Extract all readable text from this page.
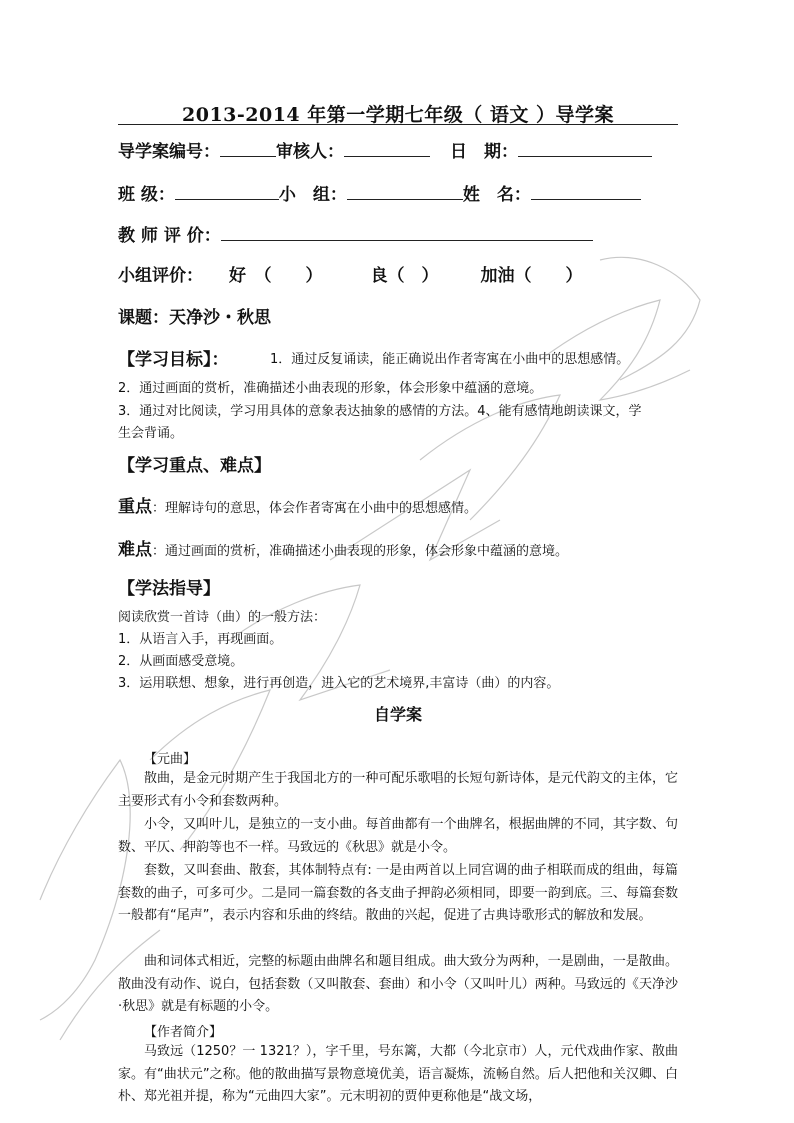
2013-2014 年第一学期七年级（ 语文 ）导学案
导学案编号：	审核人：	日　期：
班 级：	小　组：	姓　名：
教 师 评 价：
小组评价： 好　（　　）	良（　） 加油（　　）
课题：天净沙・秋思
【学习目标】：	1．通过反复诵读，能正确说出作者寄寓在小曲中的思想感情。
2．通过画面的赏析，准确描述小曲表现的形象，体会形象中蕴涵的意境。
3．通过对比阅读，学习用具体的意象表达抽象的感情的方法。4、能有感情地朗读课文，学
生会背诵。
【学习重点、难点】
重点：理解诗句的意思，体会作者寄寓在小曲中的思想感情。
难点：通过画面的赏析，准确描述小曲表现的形象，体会形象中蕴涵的意境。
【学法指导】
阅读欣赏一首诗（曲）的一般方法：
1．从语言入手，再现画面。
2．从画面感受意境。
3．运用联想、想象，进行再创造，进入它的艺术境界,丰富诗（曲）的内容。
自学案
【元曲】

散曲，是金元时期产生于我国北方的一种可配乐歌唱的长短句新诗体，是元代韵文的主体，它主要形式有小令和套数两种。

小令，又叫叶儿，是独立的一支小曲。每首曲都有一个曲牌名，根据曲牌的不同，其字数、句数、平仄、押韵等也不一样。马致远的《秋思》就是小令。

套数，又叫套曲、散套，其体制特点有: 一是由两首以上同宫调的曲子相联而成的组曲，每篇套数的曲子，可多可少。二是同一篇套数的各支曲子押韵必须相同，即要一韵到底。三、每篇套数一般都有“尾声”，表示内容和乐曲的终结。散曲的兴起，促进了古典诗歌形式的解放和发展。

曲和词体式相近，完整的标题由曲牌名和题目组成。曲大致分为两种，一是剧曲，一是散曲。散曲没有动作、说白，包括套数（又叫散套、套曲）和小令（又叫叶儿）两种。马致远的《天净沙·秋思》就是有标题的小令。

【作者简介】

马致远（1250？一 1321？），字千里，号东篱，大都（今北京市）人，元代戏曲作家、散曲家。有“曲状元”之称。他的散曲描写景物意境优美，语言凝炼，流畅自然。后人把他和关汉卿、白朴、郑光祖并提，称为“元曲四大家”。元末明初的贾仲更称他是“战文场，
